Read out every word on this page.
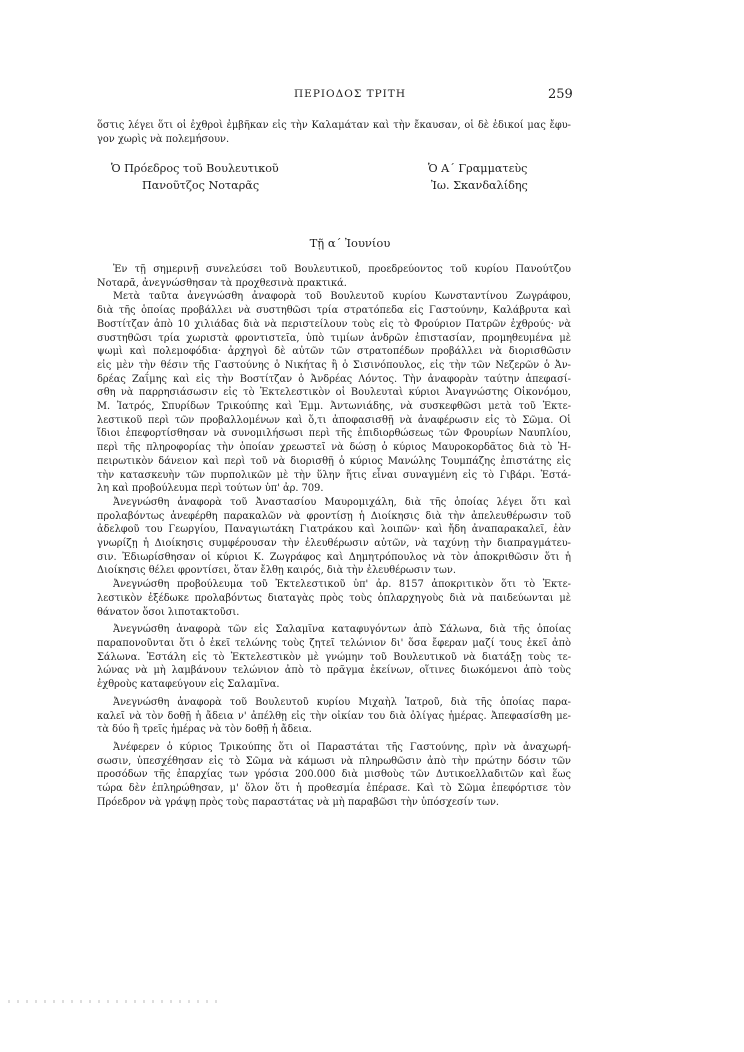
ΠΕΡΙΟΔΟΣ ΤΡΙΤΗ	259
ὅστις λέγει ὅτι οἱ ἐχθροὶ ἐμβῆκαν εἰς τὴν Καλαμάταν καὶ τὴν ἔκαυσαν, οἱ δὲ ἐδικοί μας ἔφυ-
γον χωρὶς νὰ πολεμήσουν.
Ὁ Πρόεδρος τοῦ Βουλευτικοῦ
Πανοῦτζος Νοταρᾶς
Ὁ Α΄ Γραμματεὺς
Ἰω. Σκανδαλίδης
Τῇ α΄ Ἰουνίου
Ἐν τῇ σημερινῇ συνελεύσει τοῦ Βουλευτικοῦ, προεδρεύοντος τοῦ κυρίου Πανούτζου
Νοταρᾶ, ἀνεγνώσθησαν τὰ προχθεσινὰ πρακτικά.
Μετὰ ταῦτα ἀνεγνώσθη ἀναφορὰ τοῦ Βουλευτοῦ κυρίου Κωνσταντίνου Ζωγράφου,
διὰ τῆς ὁποίας προβάλλει νὰ συστηθῶσι τρία στρατόπεδα εἰς Γαστούνην, Καλάβρυτα καὶ
Βοστίτζαν ἀπὸ 10 χιλιάδας διὰ νὰ περιστείλουν τοὺς εἰς τὸ Φρούριον Πατρῶν ἐχθρούς· νὰ
συστηθῶσι τρία χωριστὰ φροντιστεῖα, ὑπὸ τιμίων ἀνδρῶν ἐπιστασίαν, προμηθευμένα μὲ
ψωμὶ καὶ πολεμοφόδια· ἀρχηγοὶ δὲ αὐτῶν τῶν στρατοπέδων προβάλλει νὰ διορισθῶσιν
εἰς μὲν τὴν θέσιν τῆς Γαστούνης ὁ Νικήτας ἢ ὁ Σισινόπουλος, εἰς τὴν τῶν Νεζερῶν ὁ Ἀν-
δρέας Ζαΐμης καὶ εἰς τὴν Βοστίτζαν ὁ Ἀνδρέας Λόντος. Τὴν ἀναφορὰν ταύτην ἀπεφασί-
σθη νὰ παρρησιάσωσιν εἰς τὸ Ἐκτελεστικὸν οἱ Βουλευταὶ κύριοι Ἀναγνώστης Οἰκονόμου,
Μ. Ἰατρός, Σπυρίδων Τρικούπης καὶ Ἐμμ. Ἀντωνιάδης, νὰ συσκεφθῶσι μετὰ τοῦ Ἐκτε-
λεστικοῦ περὶ τῶν προβαλλομένων καὶ ὅ,τι ἀποφασισθῇ νὰ ἀναφέρωσιν εἰς τὸ Σῶμα. Οἱ
ἴδιοι ἐπεφορτίσθησαν νὰ συνομιλήσωσι περὶ τῆς ἐπιδιορθώσεως τῶν Φρουρίων Ναυπλίου,
περὶ τῆς πληροφορίας τὴν ὁποίαν χρεωστεῖ νὰ δώσῃ ὁ κύριος Μαυροκορδᾶτος διὰ τὸ Ἠ-
πειρωτικὸν δάνειον καὶ περὶ τοῦ νὰ διορισθῇ ὁ κύριος Μανώλης Τουμπάζης ἐπιστάτης εἰς
τὴν κατασκευὴν τῶν πυρπολικῶν μὲ τὴν ὕλην ἥτις εἶναι συναγμένη εἰς τὸ Γιβάρι. Ἐστά-
λη καὶ προβούλευμα περὶ τούτων ὑπ' ἀρ. 709.
Ἀνεγνώσθη ἀναφορὰ τοῦ Ἀναστασίου Μαυρομιχάλη, διὰ τῆς ὁποίας λέγει ὅτι καὶ
προλαβόντως ἀνεφέρθη παρακαλῶν νὰ φροντίσῃ ἡ Διοίκησις διὰ τὴν ἀπελευθέρωσιν τοῦ
ἀδελφοῦ του Γεωργίου, Παναγιωτάκη Γιατράκου καὶ λοιπῶν· καὶ ἤδη ἀναπαρακαλεῖ, ἐὰν
γνωρίζῃ ἡ Διοίκησις συμφέρουσαν τὴν ἐλευθέρωσιν αὐτῶν, νὰ ταχύνῃ τὴν διαπραγμάτευ-
σιν. Ἐδιωρίσθησαν οἱ κύριοι Κ. Ζωγράφος καὶ Δημητρόπουλος νὰ τὸν ἀποκριθῶσιν ὅτι ἡ
Διοίκησις θέλει φροντίσει, ὅταν ἔλθῃ καιρός, διὰ τὴν ἐλευθέρωσιν των.
Ἀνεγνώσθη προβούλευμα τοῦ Ἐκτελεστικοῦ ὑπ' ἀρ. 8157 ἀποκριτικὸν ὅτι τὸ Ἐκτε-
λεστικὸν ἐξέδωκε προλαβόντως διαταγὰς πρὸς τοὺς ὁπλαρχηγοὺς διὰ νὰ παιδεύωνται μὲ
θάνατον ὅσοι λιποτακτοῦσι.
Ἀνεγνώσθη ἀναφορὰ τῶν εἰς Σαλαμῖνα καταφυγόντων ἀπὸ Σάλωνα, διὰ τῆς ὁποίας
παραπονοῦνται ὅτι ὁ ἐκεῖ τελώνης τοὺς ζητεῖ τελώνιον δι' ὅσα ἔφεραν μαζί τους ἐκεῖ ἀπὸ
Σάλωνα. Ἐστάλη εἰς τὸ Ἐκτελεστικὸν μὲ γνώμην τοῦ Βουλευτικοῦ νὰ διατάξῃ τοὺς τε-
λώνας νὰ μὴ λαμβάνουν τελώνιον ἀπὸ τὸ πρᾶγμα ἐκείνων, οἵτινες διωκόμενοι ἀπὸ τοὺς
ἐχθροὺς καταφεύγουν εἰς Σαλαμῖνα.
Ἀνεγνώσθη ἀναφορὰ τοῦ Βουλευτοῦ κυρίου Μιχαὴλ Ἰατροῦ, διὰ τῆς ὁποίας παρα-
καλεῖ νὰ τὸν δοθῇ ἡ ἄδεια ν' ἀπέλθῃ εἰς τὴν οἰκίαν του διὰ ὀλίγας ἡμέρας. Ἀπεφασίσθη με-
τὰ δύο ἢ τρεῖς ἡμέρας νὰ τὸν δοθῇ ἡ ἄδεια.
Ἀνέφερεν ὁ κύριος Τρικούπης ὅτι οἱ Παραστάται τῆς Γαστούνης, πρὶν νὰ ἀναχωρή-
σωσιν, ὑπεσχέθησαν εἰς τὸ Σῶμα νὰ κάμωσι νὰ πληρωθῶσιν ἀπὸ τὴν πρώτην δόσιν τῶν
προσόδων τῆς ἐπαρχίας των γρόσια 200.000 διὰ μισθοὺς τῶν Δυτικοελλαδιτῶν καὶ ἕως
τώρα δὲν ἐπληρώθησαν, μ' ὅλον ὅτι ἡ προθεσμία ἐπέρασε. Καὶ τὸ Σῶμα ἐπεφόρτισε τὸν
Πρόεδρον νὰ γράψῃ πρὸς τοὺς παραστάτας νὰ μὴ παραβῶσι τὴν ὑπόσχεσίν των.
